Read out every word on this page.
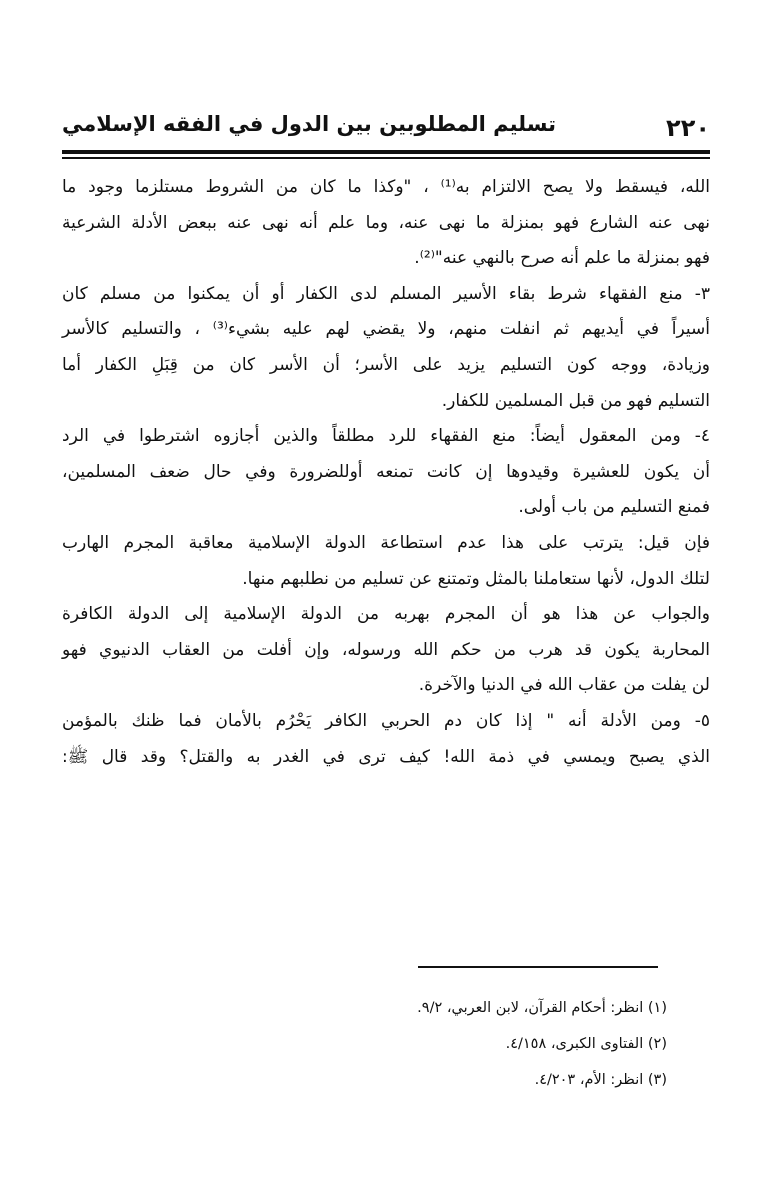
٢٢٠
تسليم المطلوبين بين الدول في الفقه الإسلامي
الله، فيسقط ولا يصح الالتزام به⁽¹⁾ ، "وكذا ما كان من الشروط مستلزما وجود ما
نهى عنه الشارع فهو بمنزلة ما نهى عنه، وما علم أنه نهى عنه ببعض الأدلة الشرعية
فهو بمنزلة ما علم أنه صرح بالنهي عنه"⁽²⁾.
٣- منع الفقهاء شرط بقاء الأسير المسلم لدى الكفار أو أن يمكنوا من مسلم كان
أسيراً في أيديهم ثم انفلت منهم، ولا يقضي لهم عليه بشيء⁽³⁾ ، والتسليم كالأسر
وزيادة، ووجه كون التسليم يزيد على الأسر؛ أن الأسر كان من قِبَلِ الكفار أما
التسليم فهو من قبل المسلمين للكفار.
٤- ومن المعقول أيضاً: منع الفقهاء للرد مطلقاً والذين أجازوه اشترطوا في الرد
أن يكون للعشيرة وقيدوها إن كانت تمنعه أوللضرورة وفي حال ضعف المسلمين،
فمنع التسليم من باب أولى.
فإن قيل: يترتب على هذا عدم استطاعة الدولة الإسلامية معاقبة المجرم الهارب
لتلك الدول، لأنها ستعاملنا بالمثل وتمتنع عن تسليم من نطلبهم منها.
والجواب عن هذا هو أن المجرم بهربه من الدولة الإسلامية إلى الدولة الكافرة
المحاربة يكون قد هرب من حكم الله ورسوله، وإن أفلت من العقاب الدنيوي فهو
لن يفلت من عقاب الله في الدنيا والآخرة.
٥- ومن الأدلة أنه " إذا كان دم الحربي الكافر يَحْرُم بالأمان فما ظنك بالمؤمن
الذي يصبح ويمسي في ذمة الله! كيف ترى في الغدر به والقتل؟ وقد قال ﷺ:
(١) انظر: أحكام القرآن، لابن العربي، ٩/٢.
(٢) الفتاوى الكبرى، ٤/١٥٨.
(٣) انظر: الأم، ٤/٢٠٣.
